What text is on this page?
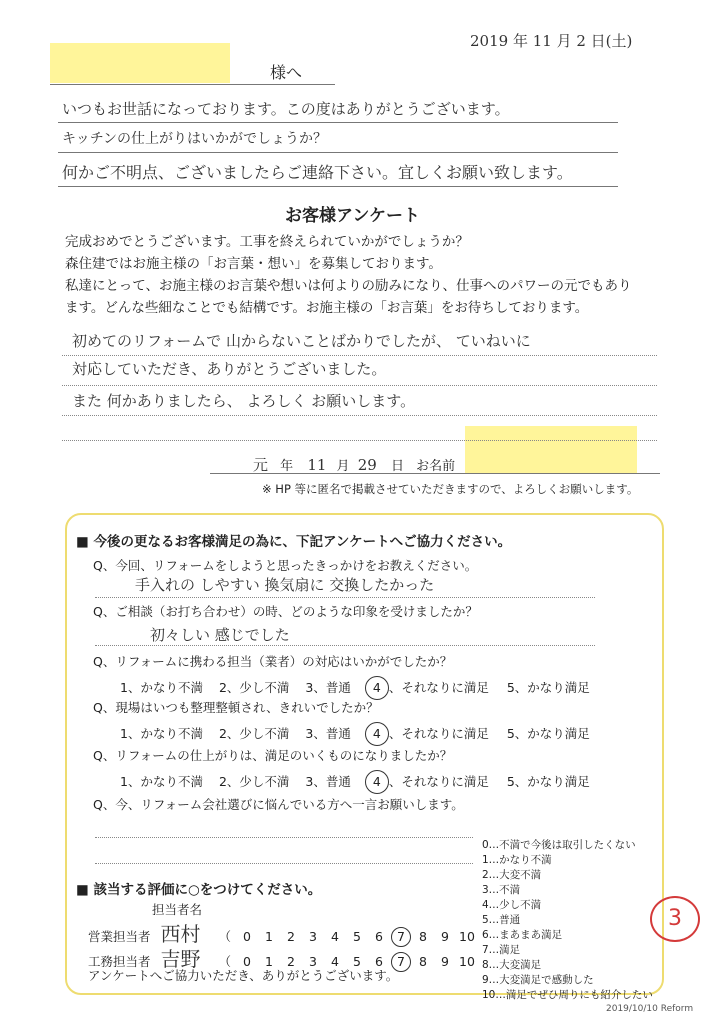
2019 年 11 月 2 日(土)
様へ
いつもお世話になっております。この度はありがとうございます。
キッチンの仕上がりはいかがでしょうか？
何かご不明点、ございましたらご連絡下さい。宜しくお願い致します。
お客様アンケート
完成おめでとうございます。工事を終えられていかがでしょうか？
森住建ではお施主様の「お言葉・想い」を募集しております。
私達にとって、お施主様のお言葉や想いは何よりの励みになり、仕事へのパワーの元でもあり
ます。どんな些細なことでも結構です。お施主様の「お言葉」をお待ちしております。
初めてのリフォームで 山からないことばかりでしたが、 ていねいに
対応していただき、ありがとうございました。
また 何かありましたら、 よろしく お願いします。
元 年 11 月 29 日 お名前
※ HP 等に匿名で掲載させていただきますので、よろしくお願いします。
■ 今後の更なるお客様満足の為に、下記アンケートへご協力ください。
Q、今回、リフォームをしようと思ったきっかけをお教えください。
手入れの しやすい 換気扇に 交換したかった
Q、ご相談（お打ち合わせ）の時、どのような印象を受けましたか？
初々しい 感じでした
Q、リフォームに携わる担当（業者）の対応はいかがでしたか？
1、かなり不満 2、少し不満 3、普通 4 、それなりに満足 5、かなり満足
Q、現場はいつも整理整頓され、きれいでしたか？
1、かなり不満 2、少し不満 3、普通 4 、それなりに満足 5、かなり満足
Q、リフォームの仕上がりは、満足のいくものになりましたか？
1、かなり不満 2、少し不満 3、普通 4 、それなりに満足 5、かなり満足
Q、今、リフォーム会社選びに悩んでいる方へ一言お願いします。
0…不満で今後は取引したくない
1…かなり不満
2…大変不満
3…不満
4…少し不満
5…普通
6…まあまあ満足
7…満足
8…大変満足
9…大変満足で感動した
10…満足でぜひ周りにも紹介したい
■ 該当する評価に○をつけてください。
担当者名
営業担当者 西村 （ 0 1 2 3 4 5 6 7 8 9 10
工務担当者 吉野 （ 0 1 2 3 4 5 6 7 8 9 10
アンケートへご協力いただき、ありがとうございます。
3
2019/10/10 Reform
